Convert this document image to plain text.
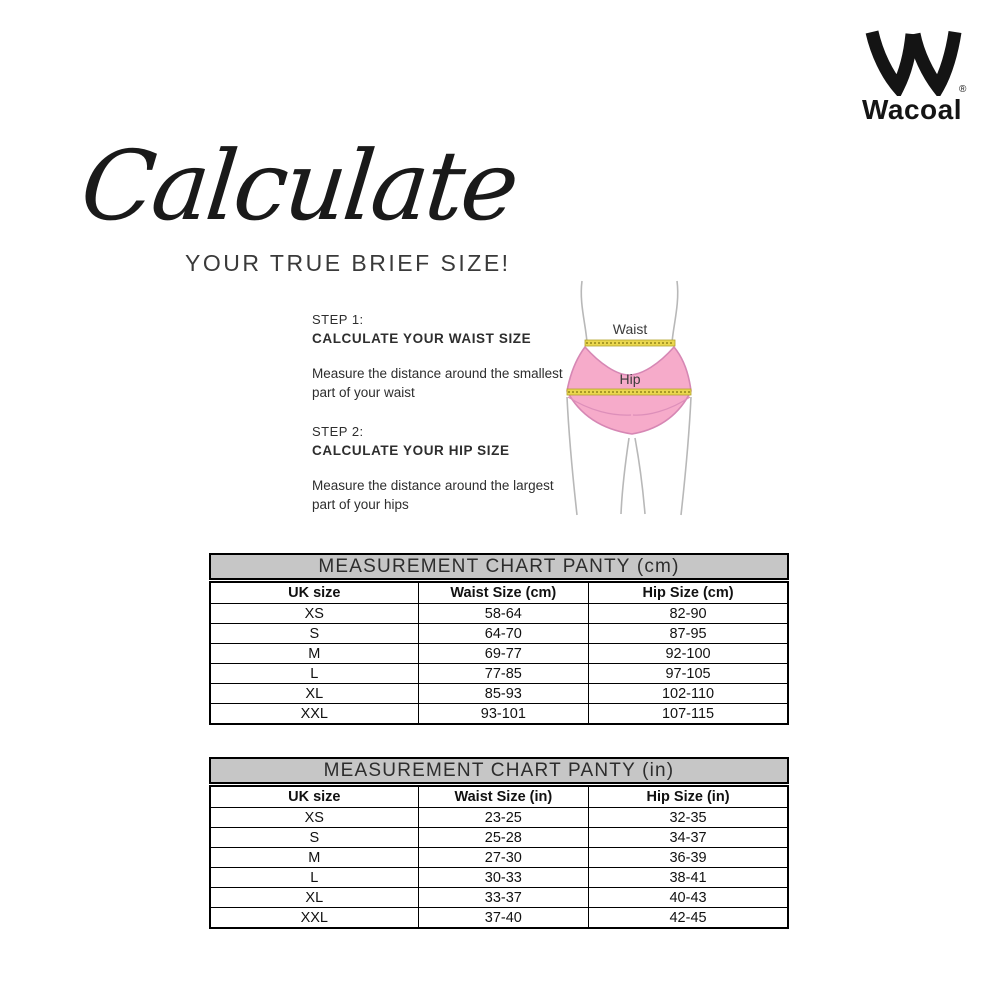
®
Wacoal
Calculate
YOUR TRUE BRIEF SIZE!
STEP 1:
CALCULATE YOUR WAIST SIZE
Measure the distance around the smallest part of your waist
STEP 2:
CALCULATE YOUR HIP SIZE
Measure the distance around the largest part of your hips
Waist
Hip
MEASUREMENT CHART PANTY (cm)
UK size	Waist Size (cm)	Hip Size (cm)
XS	58-64	82-90
S	64-70	87-95
M	69-77	92-100
L	77-85	97-105
XL	85-93	102-110
XXL	93-101	107-115
MEASUREMENT CHART PANTY (in)
UK size	Waist Size (in)	Hip Size (in)
XS	23-25	32-35
S	25-28	34-37
M	27-30	36-39
L	30-33	38-41
XL	33-37	40-43
XXL	37-40	42-45
